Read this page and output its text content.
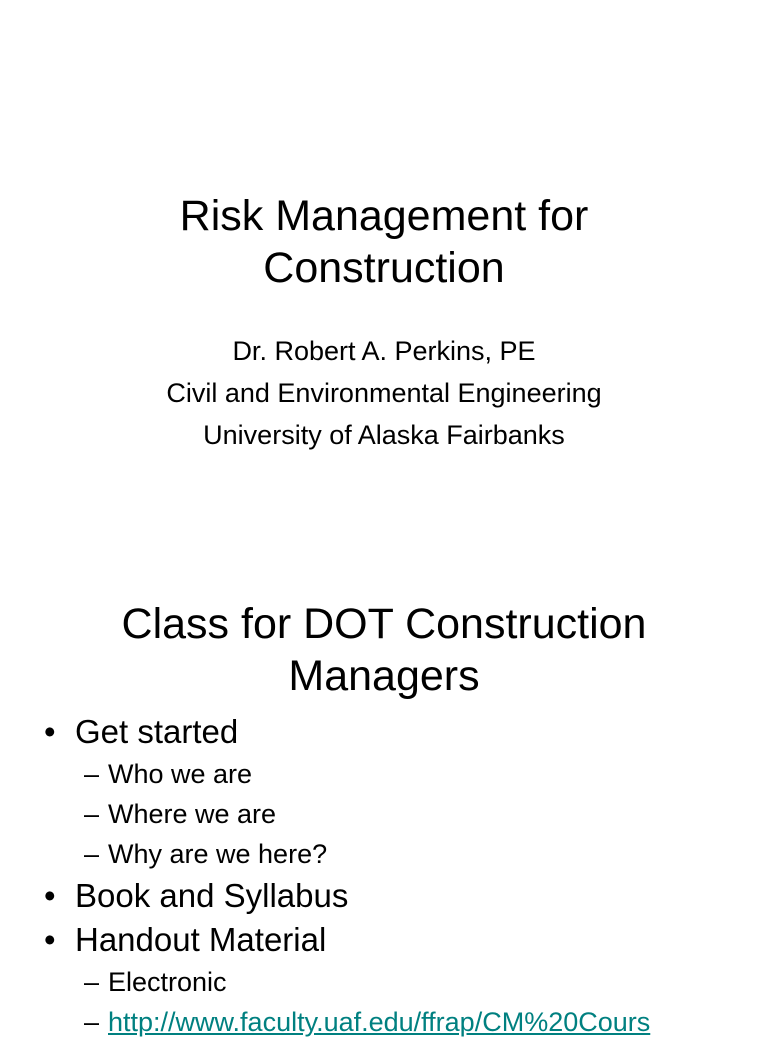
Risk Management for
Construction
Dr. Robert A. Perkins, PE
Civil and Environmental Engineering
University of Alaska Fairbanks
Class for DOT Construction
Managers
• Get started
– Who we are
– Where we are
– Why are we here?
• Book and Syllabus
• Handout Material
– Electronic
– http://www.faculty.uaf.edu/ffrap/CM%20Cours
